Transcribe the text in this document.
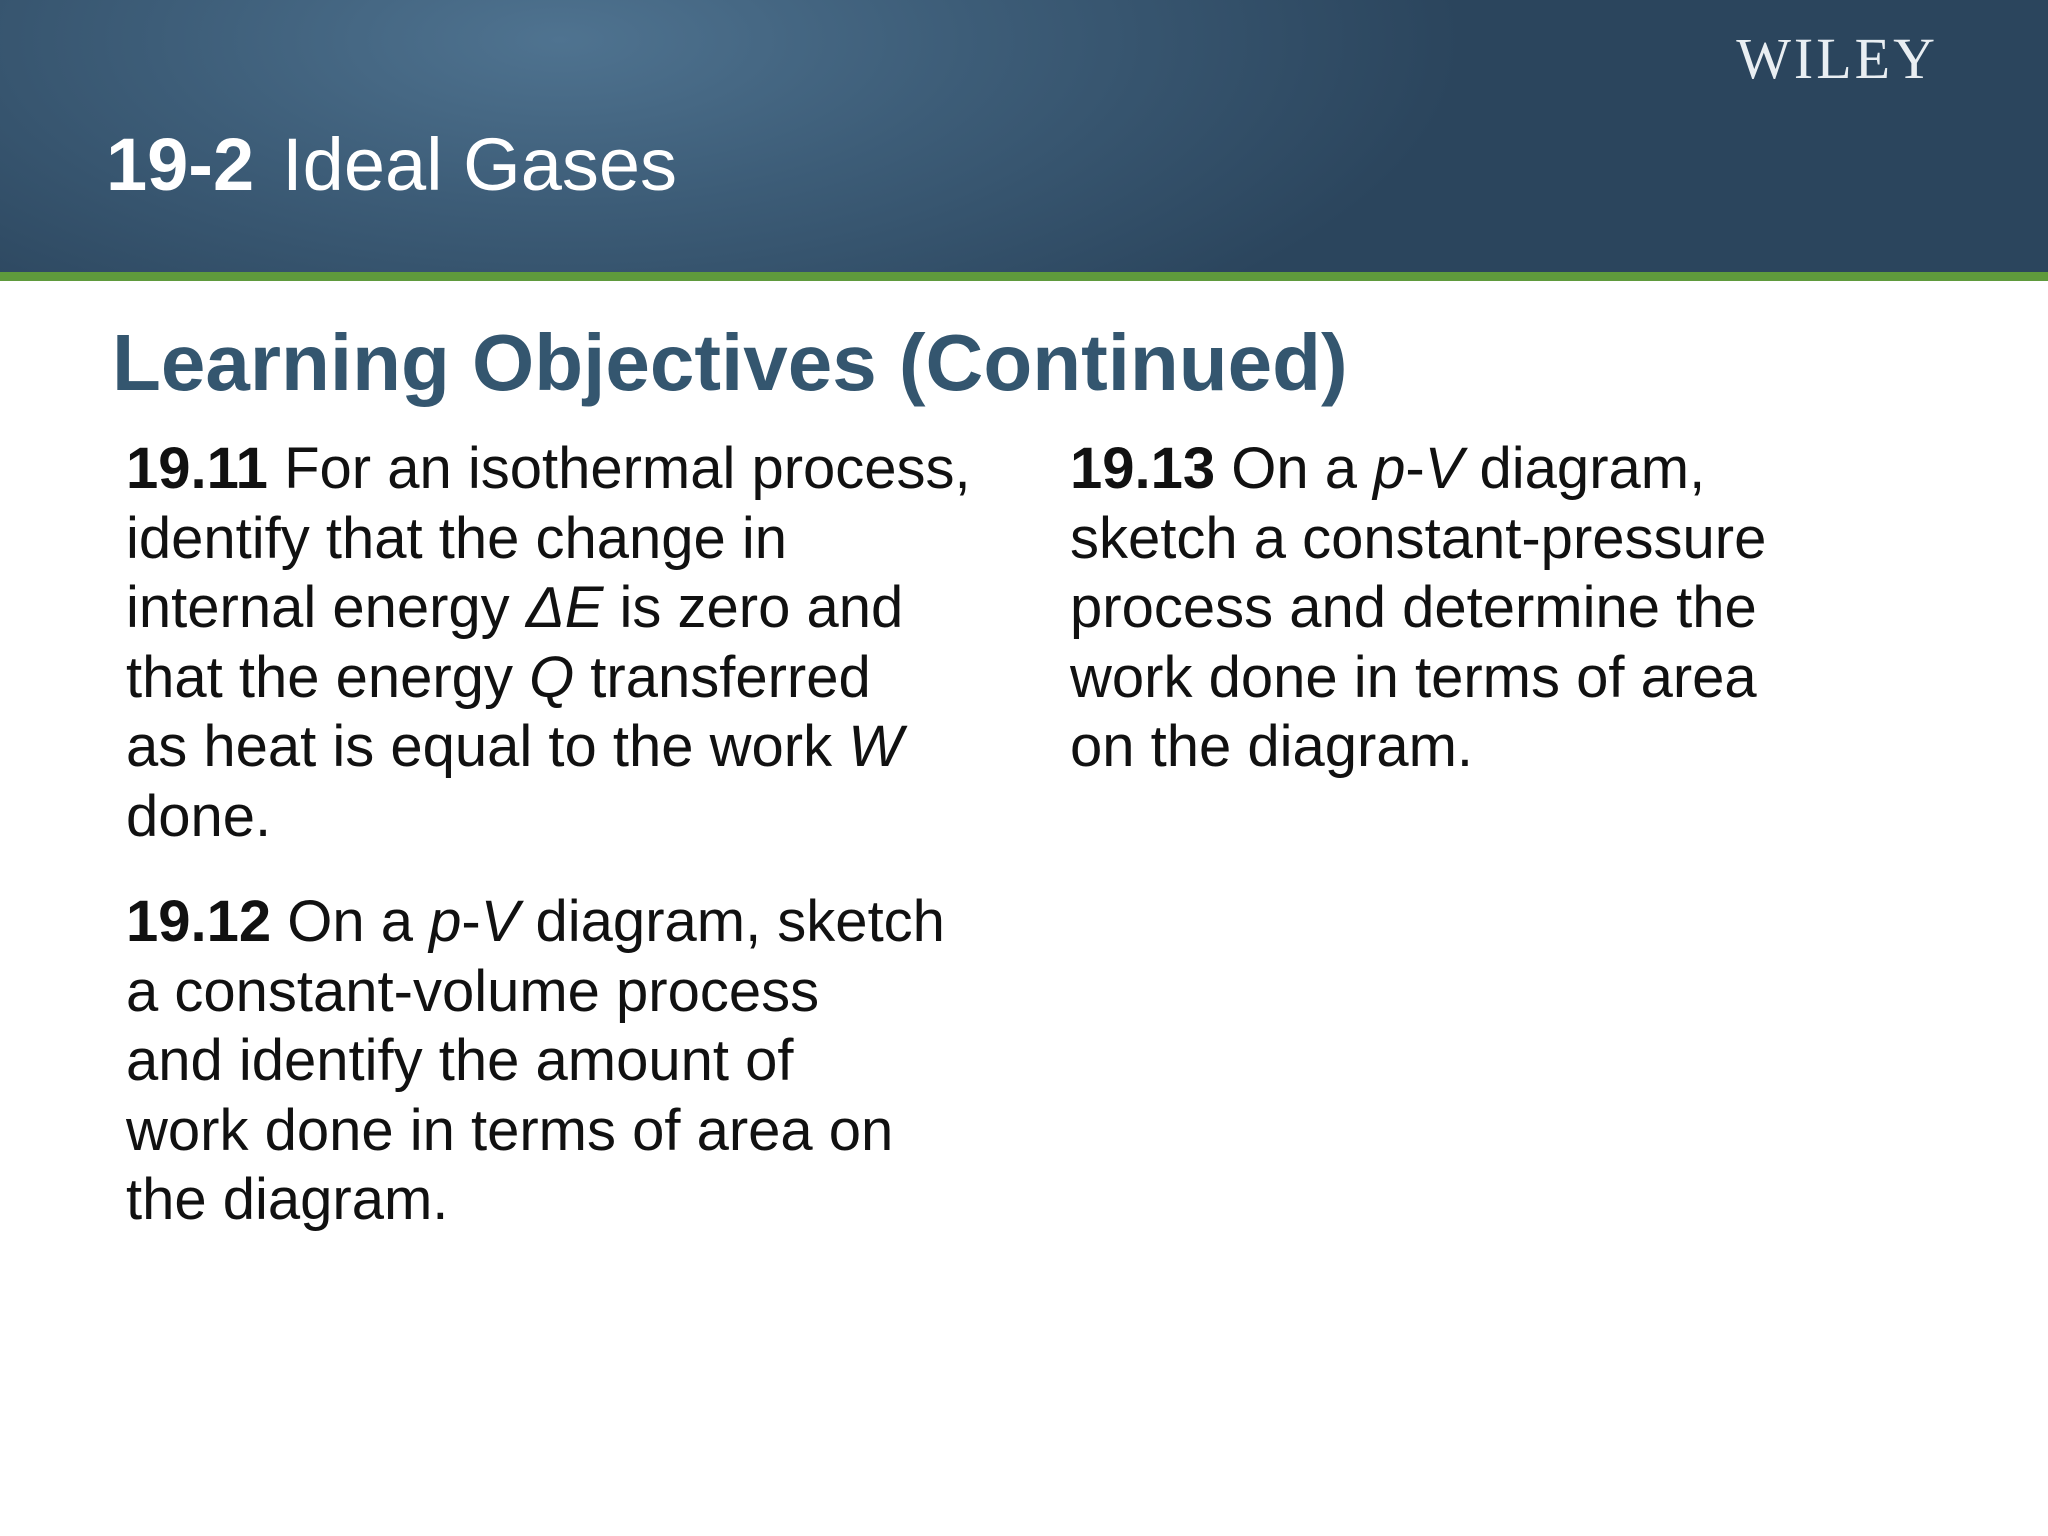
WILEY
19-2 Ideal Gases
Learning Objectives (Continued)
19.11 For an isothermal process,
identify that the change in
internal energy ΔE is zero and
that the energy Q transferred
as heat is equal to the work W
done.
19.12 On a p-V diagram, sketch
a constant-volume process
and identify the amount of
work done in terms of area on
the diagram.
19.13 On a p-V diagram,
sketch a constant-pressure
process and determine the
work done in terms of area
on the diagram.
